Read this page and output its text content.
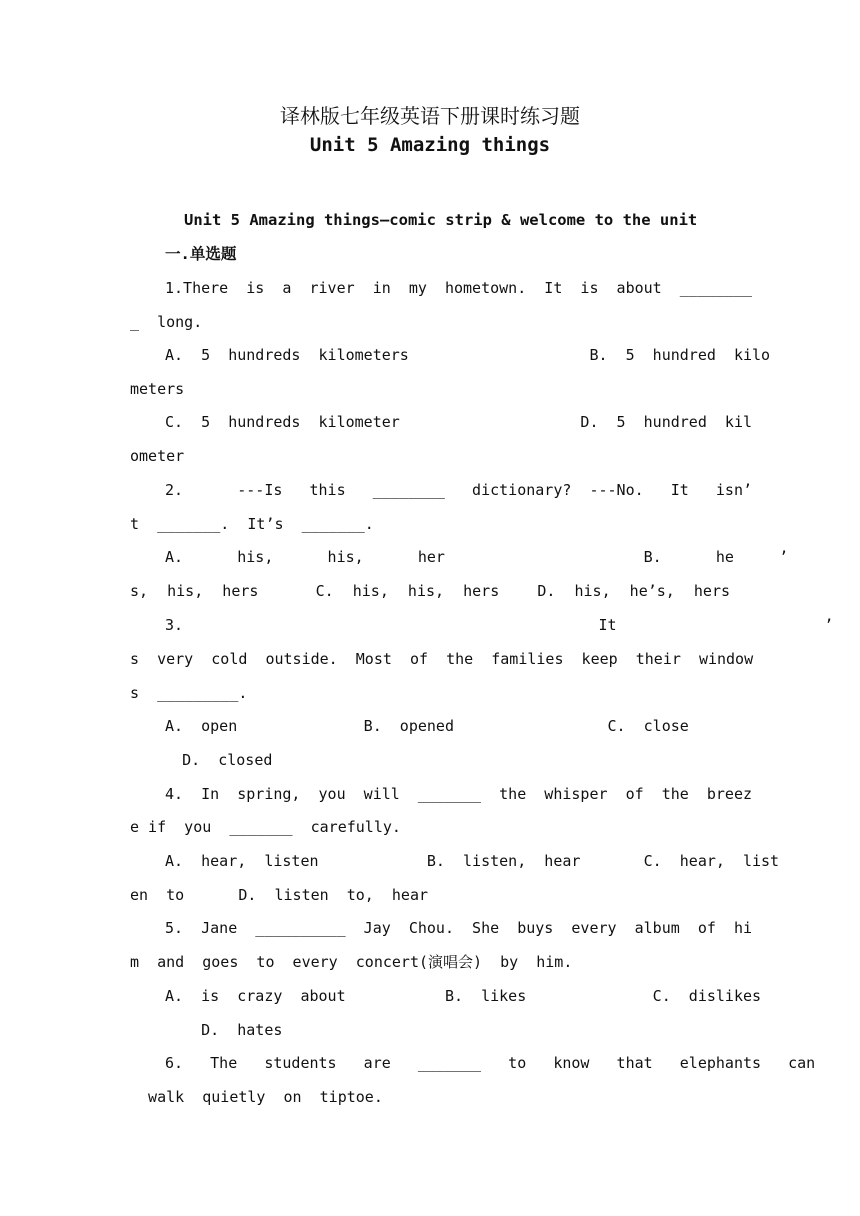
译林版七年级英语下册课时练习题
Unit 5 Amazing things
Unit 5 Amazing things—comic strip & welcome to the unit
一.单选题
1.There  is  a  river  in  my  hometown.  It  is  about  ________
_  long.
A.  5  hundreds  kilometers                    B.  5  hundred  kilo
meters
C.  5  hundreds  kilometer                    D.  5  hundred  kil
ometer
2.      ---Is   this   ________   dictionary?  ---No.   It   isn’
t  _______.  It’s  _______.
A.      his,      his,      her                      B.      he     ’
s,  his,  hers      C.  his,  his,  hers    D.  his,  he’s,  hers
3.                                              It                       ’
s  very  cold  outside.  Most  of  the  families  keep  their  window
s  _________.
A.  open              B.  opened                 C.  close
D.  closed
4.  In  spring,  you  will  _______  the  whisper  of  the  breez
e if  you  _______  carefully.
A.  hear,  listen            B.  listen,  hear       C.  hear,  list
en  to      D.  listen  to,  hear
5.  Jane  __________  Jay  Chou.  She  buys  every  album  of  hi
m  and  goes  to  every  concert(演唱会)  by  him.
A.  is  crazy  about           B.  likes              C.  dislikes
D.  hates
6.   The   students   are   _______   to   know   that   elephants   can
walk  quietly  on  tiptoe.
